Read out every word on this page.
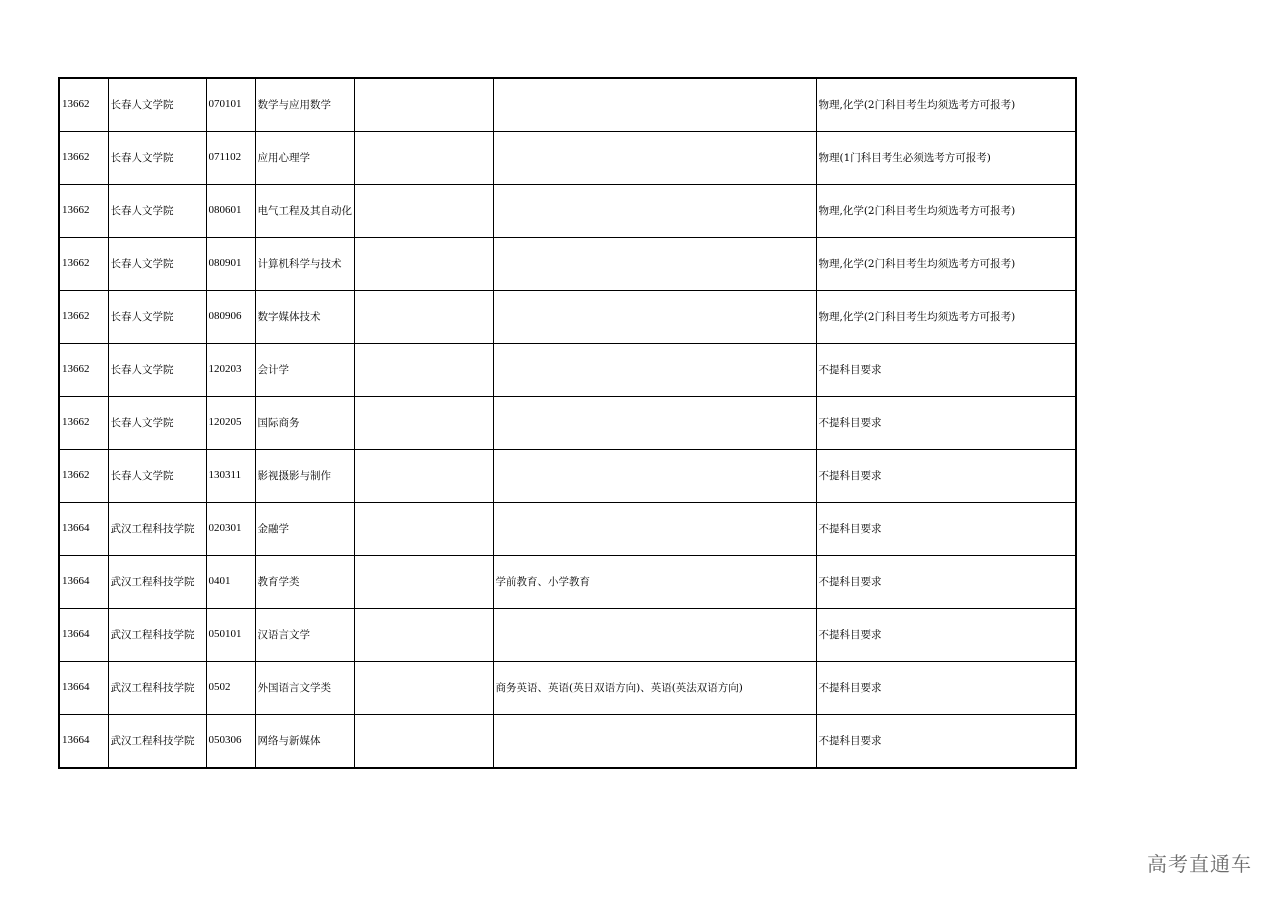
13662	长春人文学院	070101	数学与应用数学			物理,化学(2门科目考生均须选考方可报考)
13662	长春人文学院	071102	应用心理学			物理(1门科目考生必须选考方可报考)
13662	长春人文学院	080601	电气工程及其自动化			物理,化学(2门科目考生均须选考方可报考)
13662	长春人文学院	080901	计算机科学与技术			物理,化学(2门科目考生均须选考方可报考)
13662	长春人文学院	080906	数字媒体技术			物理,化学(2门科目考生均须选考方可报考)
13662	长春人文学院	120203	会计学			不提科目要求
13662	长春人文学院	120205	国际商务			不提科目要求
13662	长春人文学院	130311	影视摄影与制作			不提科目要求
13664	武汉工程科技学院	020301	金融学			不提科目要求
13664	武汉工程科技学院	0401	教育学类		学前教育、小学教育	不提科目要求
13664	武汉工程科技学院	050101	汉语言文学			不提科目要求
13664	武汉工程科技学院	0502	外国语言文学类		商务英语、英语(英日双语方向)、英语(英法双语方向)	不提科目要求
13664	武汉工程科技学院	050306	网络与新媒体			不提科目要求
高考直通车
